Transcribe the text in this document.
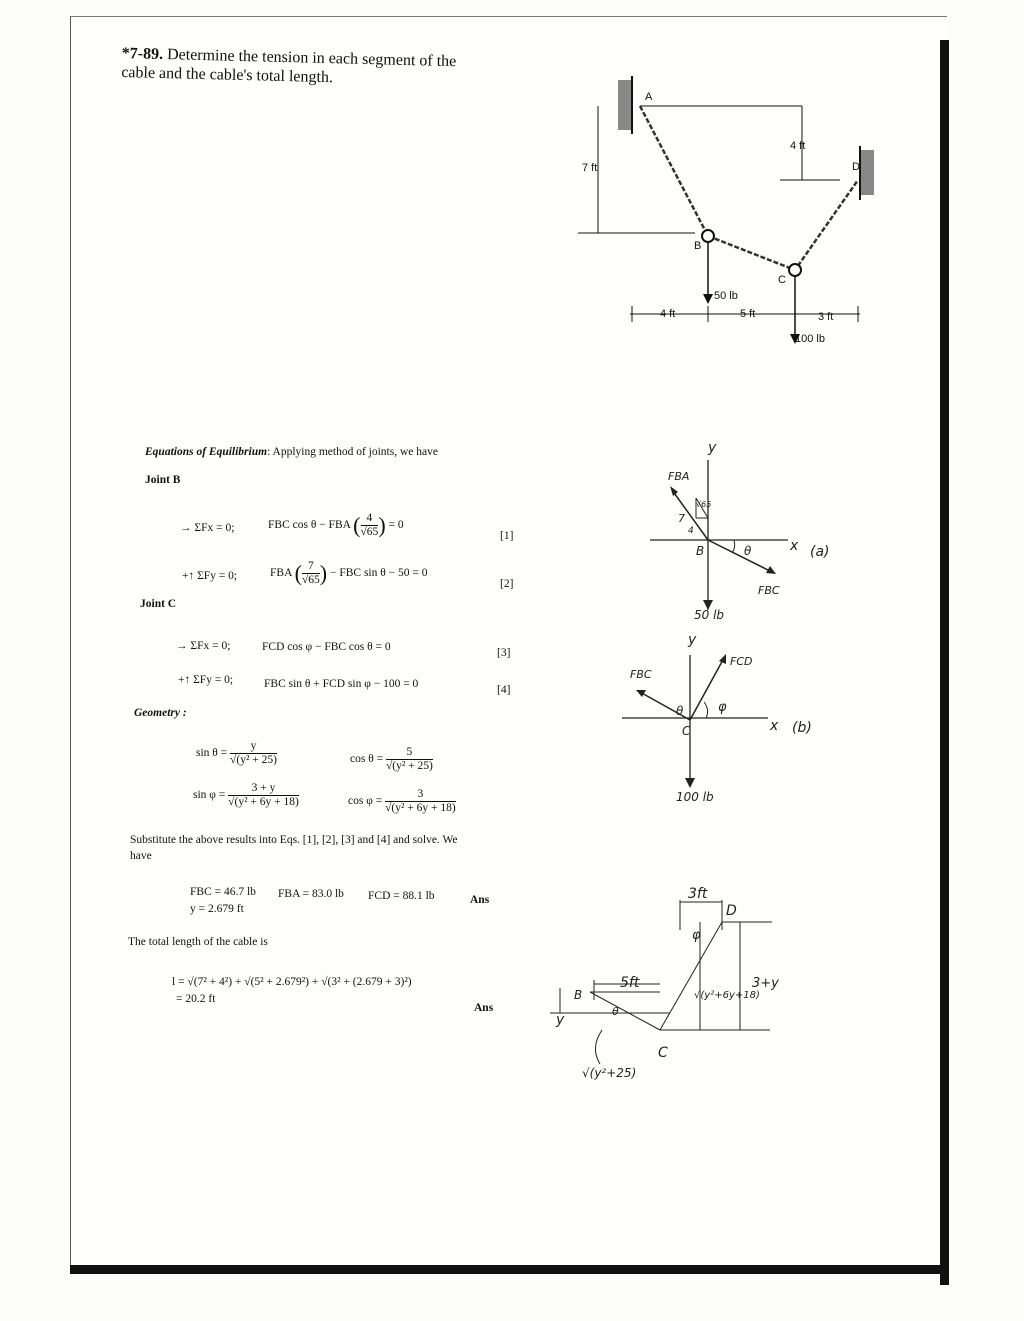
*7-89. Determine the tension in each segment of the
cable and the cable's total length.
A
B
C
D
7 ft
4 ft
4 ft	5 ft	3 ft
50 lb
100 lb
Equations of Equilibrium: Applying method of joints, we have
Joint B
→ ΣFx = 0;	FBC cos θ − FBA ( $\frac{4}{√65}$ ) = 0
[1]
+↑ ΣFy = 0;	FBA ( $\frac{7}{√65}$ ) − FBC sin θ − 50 = 0
[2]
Joint C
→ ΣFx = 0;	FCD cos φ − FBC cos θ = 0	[3]
+↑ ΣFy = 0;	FBC sin θ + FCD sin φ − 100 = 0	[4]
Geometry :
$\sin \theta = \frac{y}{\text{√(y² + 25)}}$	$\cos \theta = \frac{5}{\text{√(y² + 25)}}$
$\sin \varphi = \frac{3 + y}{\text{√(y² + 6y + 18)}}$	$\cos \varphi = \frac{3}{\text{√(y² + 6y + 18)}}$
Substitute the above results into Eqs. [1], [2], [3] and [4] and solve. We
have
FBC = 46.7 lb FBA = 83.0 lb FCD = 88.1 lb
y = 2.679 ft
Ans
The total length of the cable is
l = √(7² + 4²) + √(5² + 2.679²) + √(3² + (2.679 + 3)²)
= 20.2 ft
Ans
y
x (a)
FBA
FBC
B
50 lb
7
4
√65
θ
y
x (b)
FBC
FCD
C
100 lb
θ	φ
3ft
D
5ft
B
C
y
3+y
√(y²+6y+18)
√(y²+25)
φ
θ
